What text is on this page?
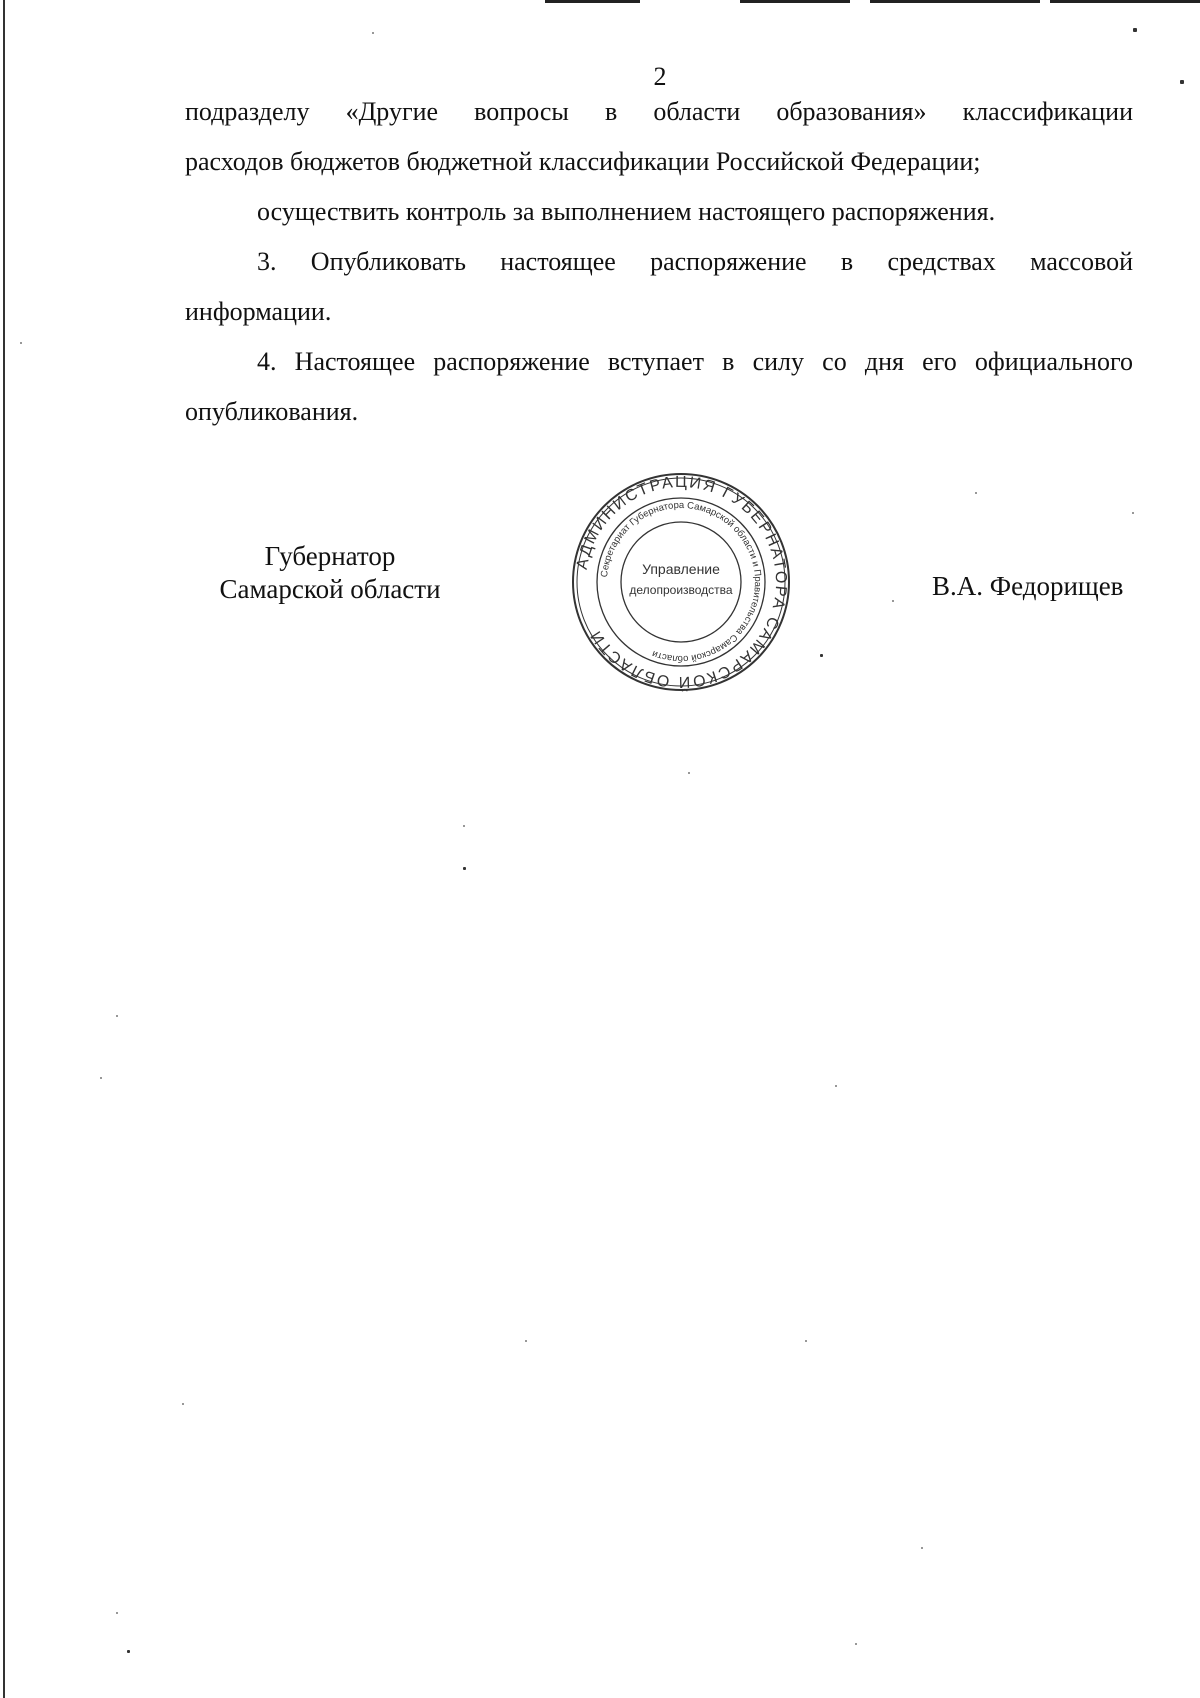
2
подразделу «Другие вопросы в области образования» классификации
расходов бюджетов бюджетной классификации Российской Федерации;
осуществить контроль за выполнением настоящего распоряжения.
3. Опубликовать настоящее распоряжение в средствах массовой
информации.
4. Настоящее распоряжение вступает в силу со дня его официального
опубликования.
Губернатор
Самарской области	В.А. Федорищев
АДМИНИСТРАЦИЯ ГУБЕРНАТОРА САМАРСКОЙ ОБЛАСТИ
Секретариат Губернатора Самарской области и Правительства Самарской области
Управление
делопроизводства
